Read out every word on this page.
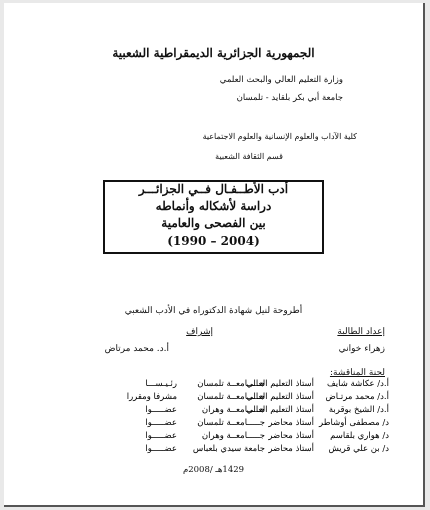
الجمهورية الجزائرية الديمقراطية الشعبية
وزارة التعليم العالي والبحث العلمي
جامعة أبي بكر بلقايد - تلمسان
كلية الآداب والعلوم الإنسانية والعلوم الاجتماعية
قسم الثقافة الشعبية
أدب الأطــفـال فــي الجزائـــر
دراسة لأشكاله وأنماطه
بين الفصحى والعامية
(1990 – 2004)
أطروحة لنيل شهادة الدكتوراه في الأدب الشعبي
إعداد الطالبة
زهراء خواني
إشراف
أ.د. محمد مرتاض
لجنة المناقشة:
أ.د/ عكاشة شايف
أستاذ التعليم العالي
جـــــامعــة تلمسان
رئـيـســـا
أ.د/ محمد مرتـاض
أستاذ التعليم العالي
جـــــامعــة تلمسان
مشرفا ومقررا
أ.د/ الشيخ بوقربة
أستاذ التعليم العالي
جـــــامعــة وهران
عضـــــوا
د/ مصطفى أوشاطر
أستاذ محاضر
جـــــامعــة تلمسان
عضـــــوا
د/ هواري بلقاسم
أستاذ محاضر
جـــــامعــة وهران
عضـــــوا
د/ بن علي قريش
أستاذ محاضر
جامعة سيدي بلعباس
عضـــــوا
1429هـ /2008م
